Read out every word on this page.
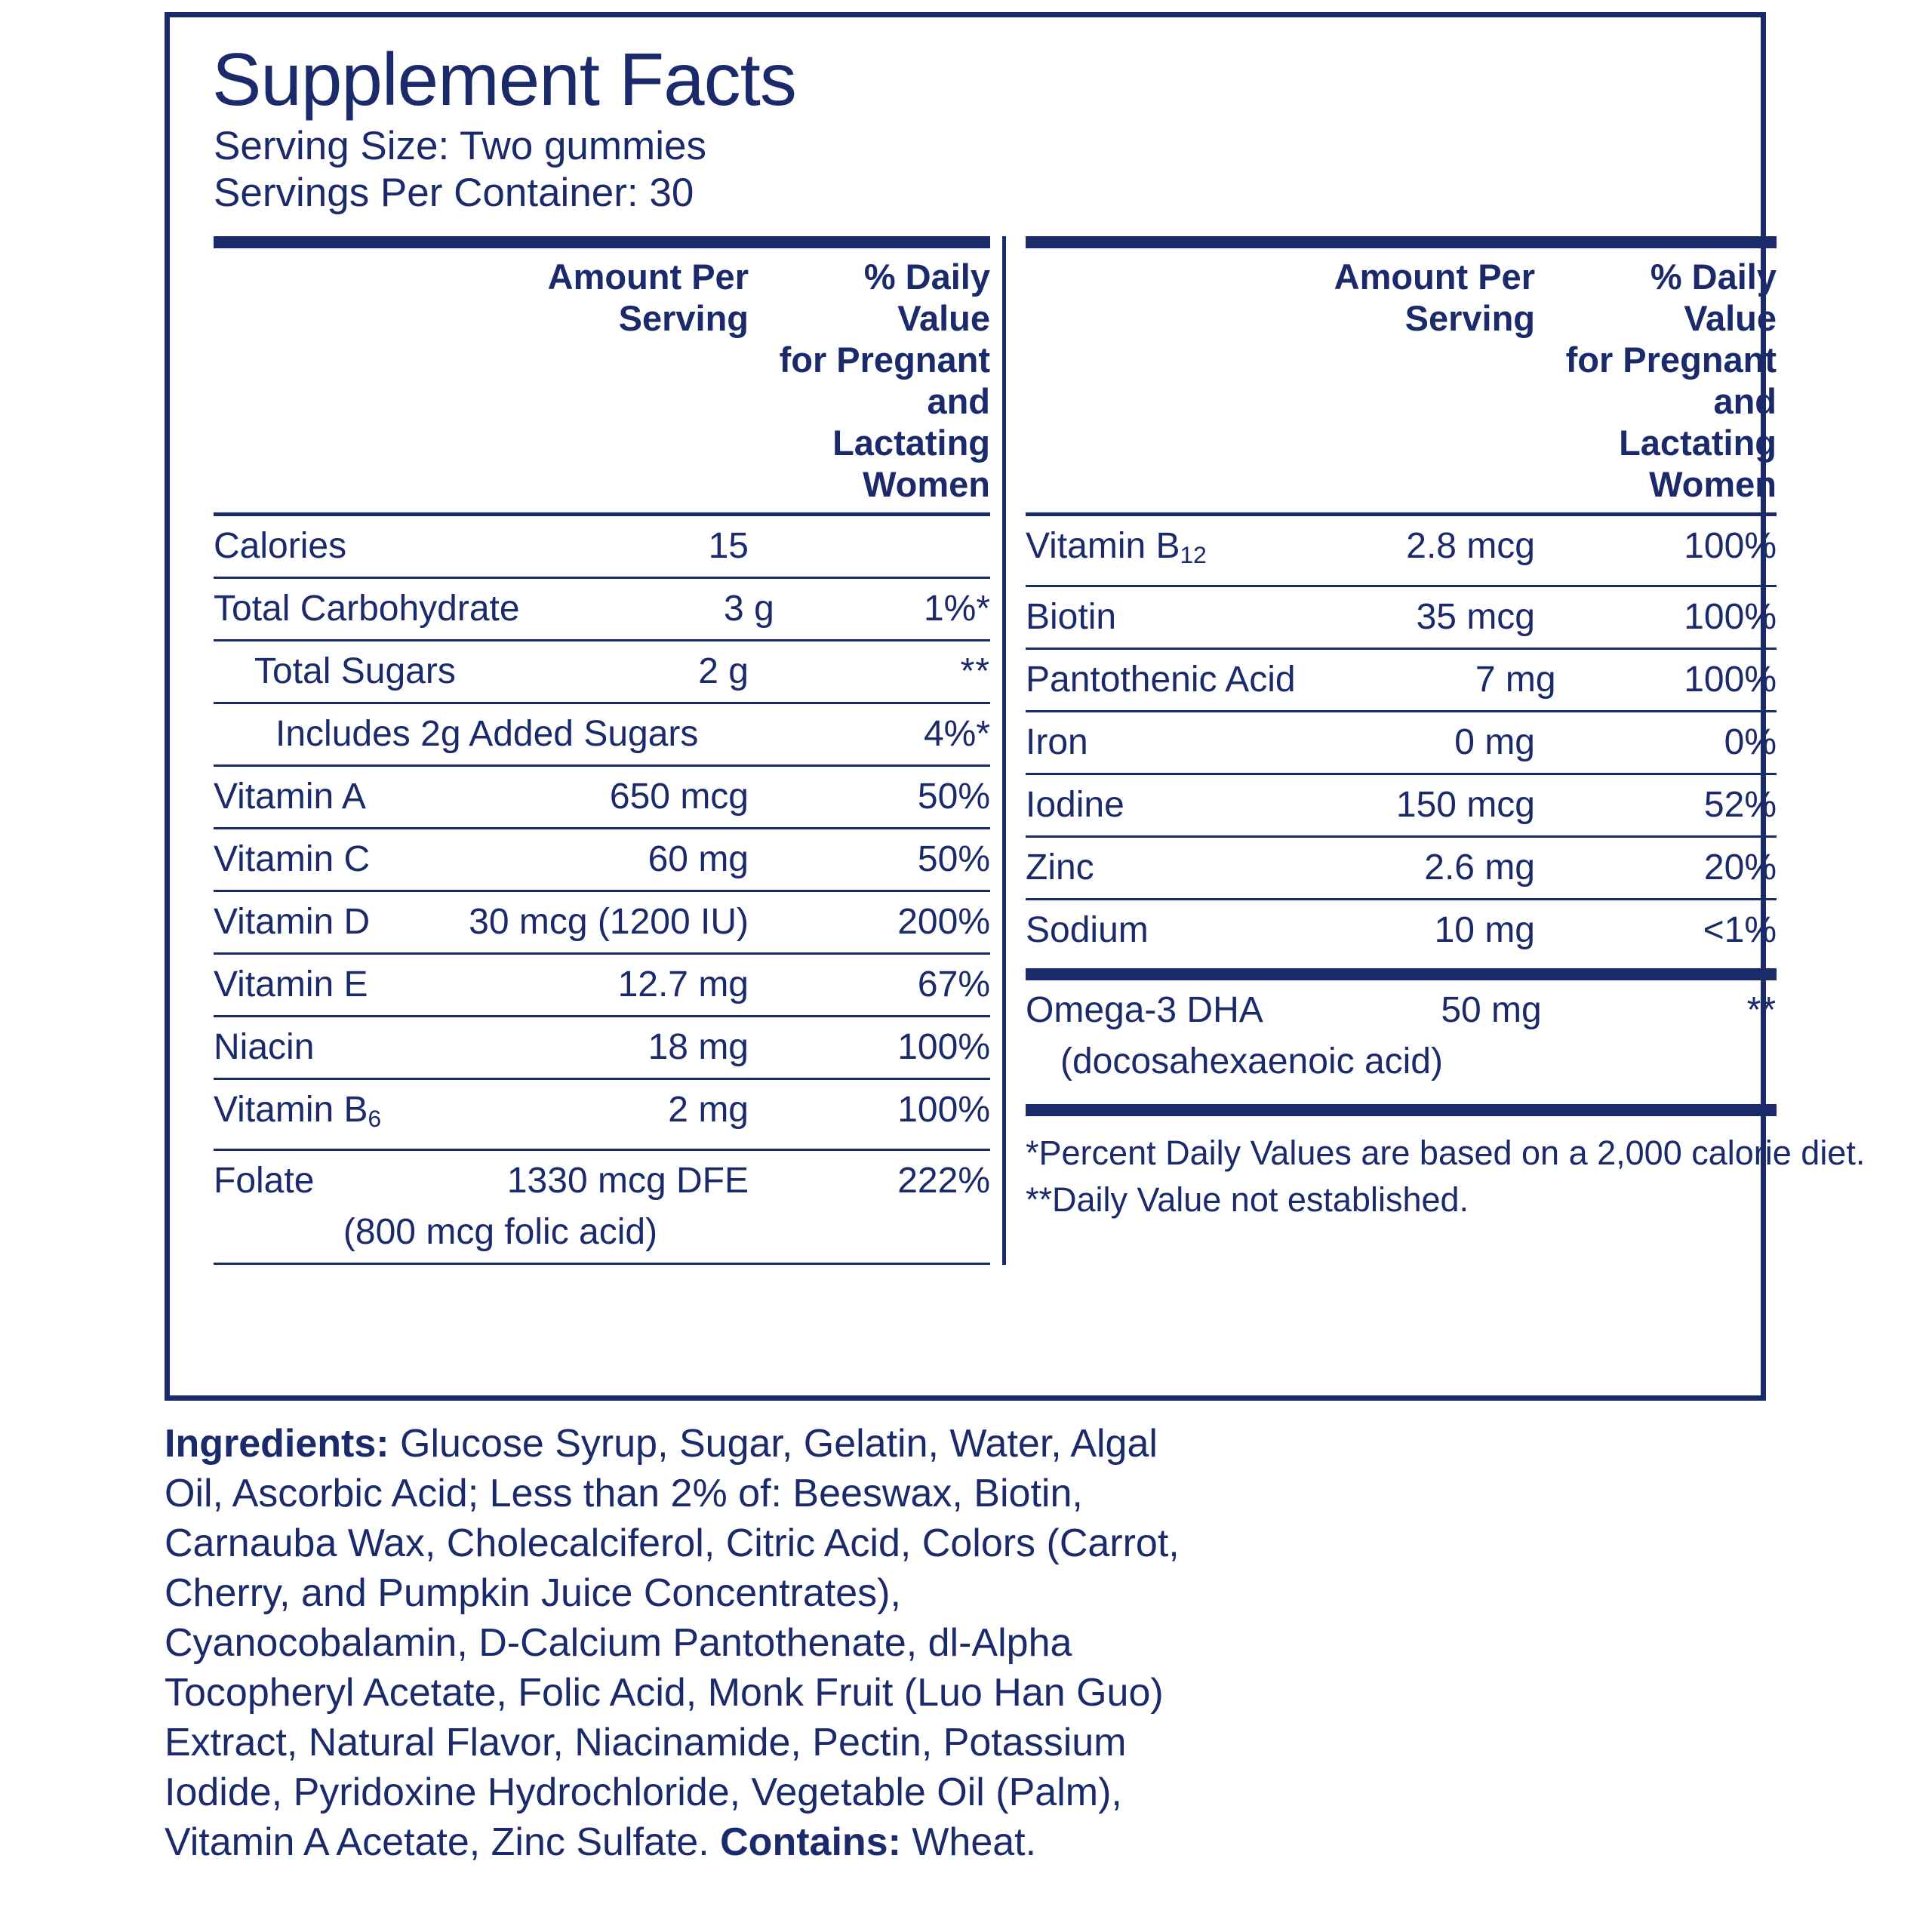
Supplement Facts
Serving Size: Two gummies
Servings Per Container: 30
Amount Per
Serving
% Daily Value
for Pregnant
and Lactating
Women
Calories	15
Total Carbohydrate	3 g	1%*
Total Sugars	2 g	**
Includes 2g Added Sugars	4%*
Vitamin A	650 mcg	50%
Vitamin C	60 mg	50%
Vitamin D	30 mcg (1200 IU)	200%
Vitamin E	12.7 mg	67%
Niacin	18 mg	100%
Vitamin $B_6$	2 mg	100%
Folate	1330 mcg DFE	222%
(800 mcg folic acid)
Amount Per
Serving
% Daily Value
for Pregnant
and Lactating
Women
Vitamin $B_{12}$	2.8 mcg	100%
Biotin	35 mcg	100%
Pantothenic Acid	7 mg	100%
Iron	0 mg	0%
Iodine	150 mcg	52%
Zinc	2.6 mg	20%
Sodium	10 mg	<1%
Omega-3 DHA	50 mg	**
(docosahexaenoic acid)
*Percent Daily Values are based on a 2,000 calorie diet.
**Daily Value not established.
Ingredients: Glucose Syrup, Sugar, Gelatin, Water, Algal Oil, Ascorbic Acid; Less than 2% of: Beeswax, Biotin, Carnauba Wax, Cholecalciferol, Citric Acid, Colors (Carrot, Cherry, and Pumpkin Juice Concentrates), Cyanocobalamin, D-Calcium Pantothenate, dl-Alpha Tocopheryl Acetate, Folic Acid, Monk Fruit (Luo Han Guo) Extract, Natural Flavor, Niacinamide, Pectin, Potassium Iodide, Pyridoxine Hydrochloride, Vegetable Oil (Palm), Vitamin A Acetate, Zinc Sulfate. Contains: Wheat.
